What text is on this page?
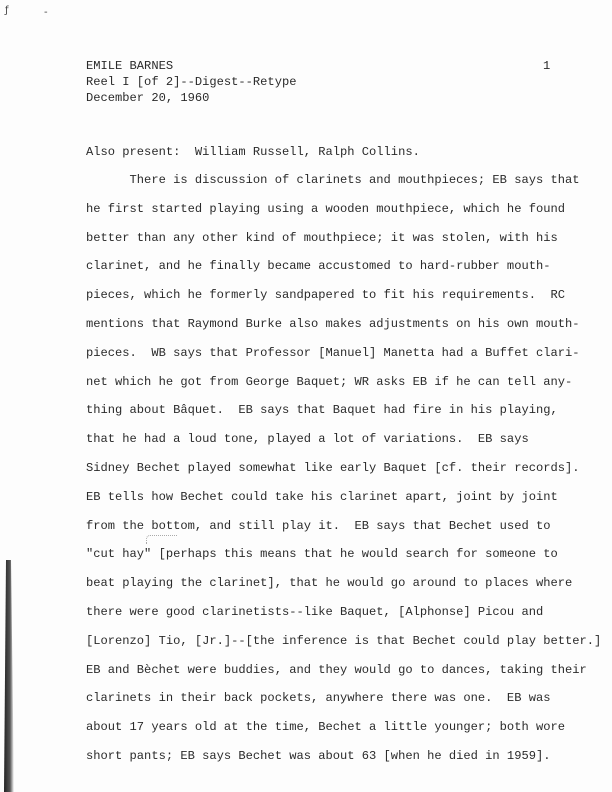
ƒ	-
EMILE BARNES	1
Reel I [of 2]--Digest--Retype
December 20, 1960
Also present:  William Russell, Ralph Collins.
There is discussion of clarinets and mouthpieces; EB says that
he first started playing using a wooden mouthpiece, which he found
better than any other kind of mouthpiece; it was stolen, with his
clarinet, and he finally became accustomed to hard-rubber mouth-
pieces, which he formerly sandpapered to fit his requirements.  RC
mentions that Raymond Burke also makes adjustments on his own mouth-
pieces.  WB says that Professor [Manuel] Manetta had a Buffet clari-
net which he got from George Baquet; WR asks EB if he can tell any-
thing about Bâquet.  EB says that Baquet had fire in his playing,
that he had a loud tone, played a lot of variations.  EB says
Sidney Bechet played somewhat like early Baquet [cf. their records].
EB tells how Bechet could take his clarinet apart, joint by joint
from the bottom, and still play it.  EB says that Bechet used to
"cut hay" [perhaps this means that he would search for someone to
beat playing the clarinet], that he would go around to places where
there were good clarinetists--like Baquet, [Alphonse] Picou and
[Lorenzo] Tio, [Jr.]--[the inference is that Bechet could play better.]
EB and Bèchet were buddies, and they would go to dances, taking their
clarinets in their back pockets, anywhere there was one.  EB was
about 17 years old at the time, Bechet a little younger; both wore
short pants; EB says Bechet was about 63 [when he died in 1959].
